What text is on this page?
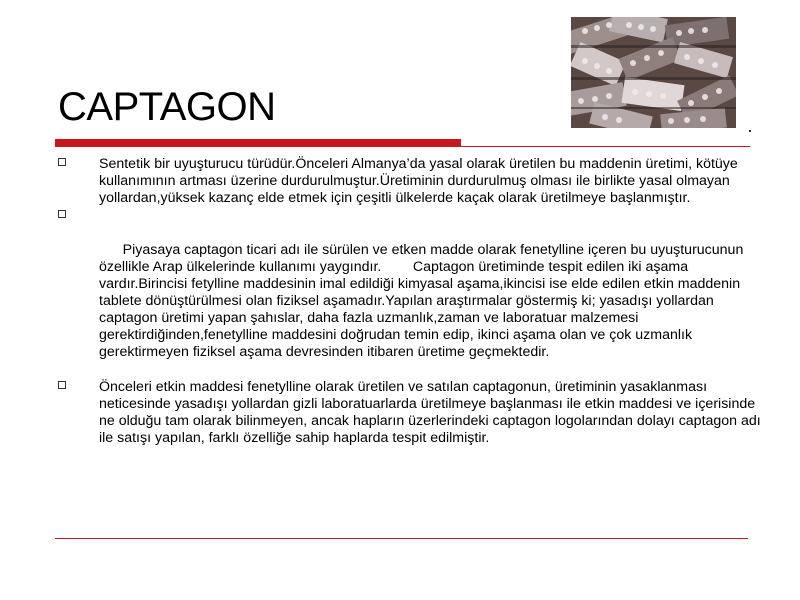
CAPTAGON
Sentetik bir uyuşturucu türüdür.Önceleri Almanya’da yasal olarak üretilen bu maddenin üretimi, kötüye kullanımının artması üzerine durdurulmuştur.Üretiminin durdurulmuş olması ile birlikte yasal olmayan yollardan,yüksek kazanç elde etmek için çeşitli ülkelerde kaçak olarak üretilmeye başlanmıştır.

Piyasaya captagon ticari adı ile sürülen ve etken madde olarak fenetylline içeren bu uyuşturucunun özellikle Arap ülkelerinde kullanımı yaygındır.        Captagon üretiminde tespit edilen iki aşama vardır.Birincisi fetylline maddesinin imal edildiği kimyasal aşama,ikincisi ise elde edilen etkin maddenin tablete dönüştürülmesi olan fiziksel aşamadır.Yapılan araştırmalar göstermiş ki; yasadışı yollardan captagon üretimi yapan şahıslar, daha fazla uzmanlık,zaman ve laboratuar malzemesi gerektirdiğinden,fenetylline maddesini doğrudan temin edip, ikinci aşama olan ve çok uzmanlık gerektirmeyen fiziksel aşama devresinden itibaren üretime geçmektedir.

Önceleri etkin maddesi fenetylline olarak üretilen ve satılan captagonun, üretiminin yasaklanması neticesinde yasadışı yollardan gizli laboratuarlarda üretilmeye başlanması ile etkin maddesi ve içerisinde ne olduğu tam olarak bilinmeyen, ancak hapların üzerlerindeki captagon logolarından dolayı captagon adı ile satışı yapılan, farklı özelliğe sahip haplarda tespit edilmiştir.
